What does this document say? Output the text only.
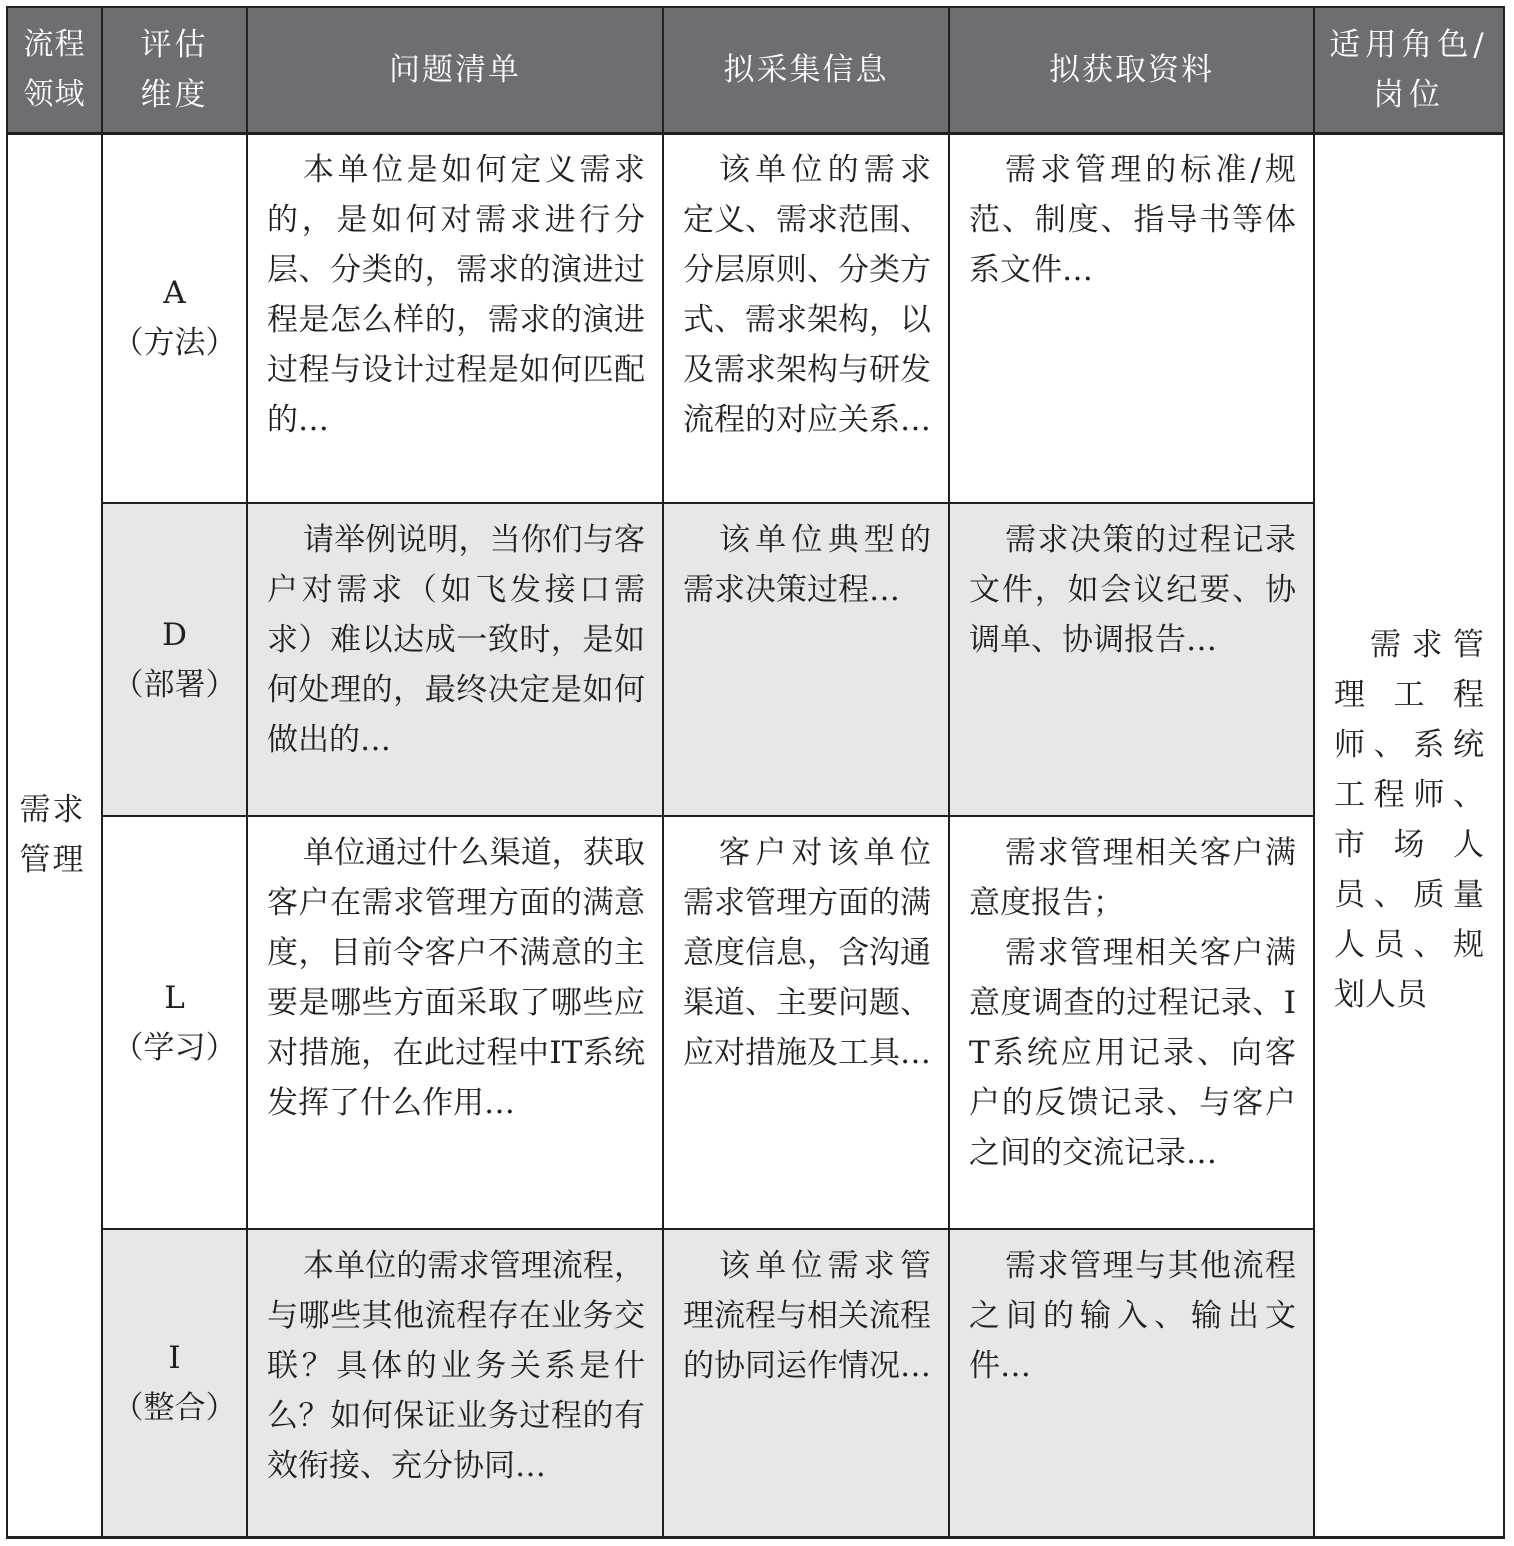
流程领域
评估维度
问题清单	拟采集信息	拟获取资料
适用角色/岗位
需求管理
需求管理工程师、系统工程师、市场人员、质量人员、规划人员
A
（方法）

本单位是如何定义需求的，是如何对需求进行分层、分类的，需求的演进过程是怎么样的，需求的演进过程与设计过程是如何匹配的…

该单位的需求定义、需求范围、分层原则、分类方式、需求架构，以及需求架构与研发流程的对应关系…

需求管理的标准/规范、制度、指导书等体系文件…

D
（部署）

请举例说明，当你们与客户对需求（如飞发接口需求）难以达成一致时，是如何处理的，最终决定是如何做出的…

该单位典型的需求决策过程…

需求决策的过程记录文件，如会议纪要、协调单、协调报告…

L
（学习）

单位通过什么渠道，获取客户在需求管理方面的满意度，目前令客户不满意的主要是哪些方面采取了哪些应对措施，在此过程中IT系统发挥了什么作用…

客户对该单位需求管理方面的满意度信息，含沟通渠道、主要问题、应对措施及工具…

需求管理相关客户满意度报告；

需求管理相关客户满意度调查的过程记录、IT系统应用记录、向客户的反馈记录、与客户之间的交流记录…

I
（整合）

本单位的需求管理流程，与哪些其他流程存在业务交联？具体的业务关系是什么？如何保证业务过程的有效衔接、充分协同…

该单位需求管理流程与相关流程的协同运作情况…

需求管理与其他流程之间的输入、输出文件…
